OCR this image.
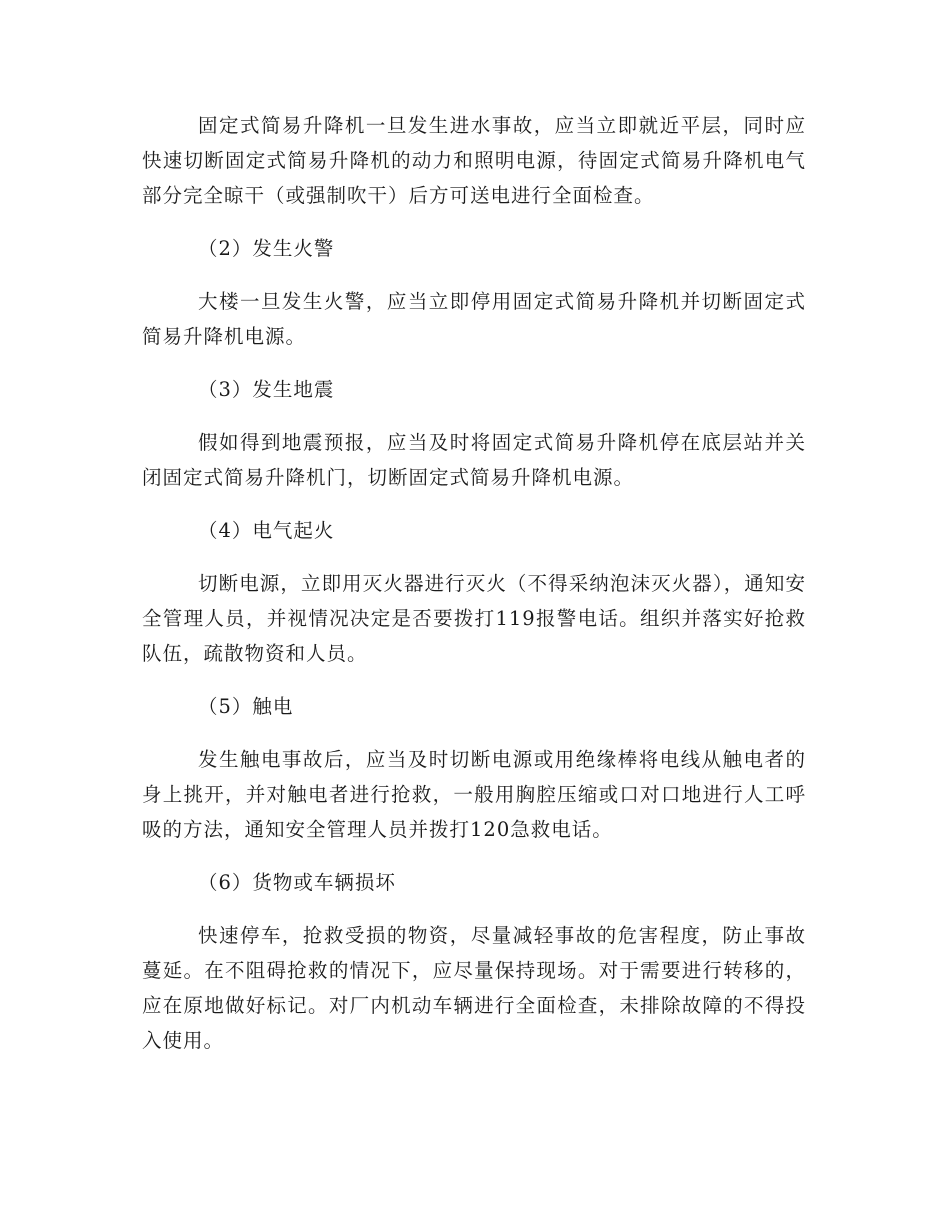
固定式简易升降机一旦发生进水事故，应当立即就近平层，同时应快速切断固定式简易升降机的动力和照明电源，待固定式简易升降机电气部分完全晾干（或强制吹干）后方可送电进行全面检查。

（2）发生火警

大楼一旦发生火警，应当立即停用固定式简易升降机并切断固定式简易升降机电源。

（3）发生地震

假如得到地震预报，应当及时将固定式简易升降机停在底层站并关闭固定式简易升降机门，切断固定式简易升降机电源。

（4）电气起火

切断电源，立即用灭火器进行灭火（不得采纳泡沫灭火器），通知安全管理人员，并视情况决定是否要拨打119报警电话。组织并落实好抢救队伍，疏散物资和人员。

（5）触电

发生触电事故后，应当及时切断电源或用绝缘棒将电线从触电者的身上挑开，并对触电者进行抢救，一般用胸腔压缩或口对口地进行人工呼吸的方法，通知安全管理人员并拨打120急救电话。

（6）货物或车辆损坏

快速停车，抢救受损的物资，尽量减轻事故的危害程度，防止事故蔓延。在不阻碍抢救的情况下，应尽量保持现场。对于需要进行转移的，应在原地做好标记。对厂内机动车辆进行全面检查，未排除故障的不得投入使用。
